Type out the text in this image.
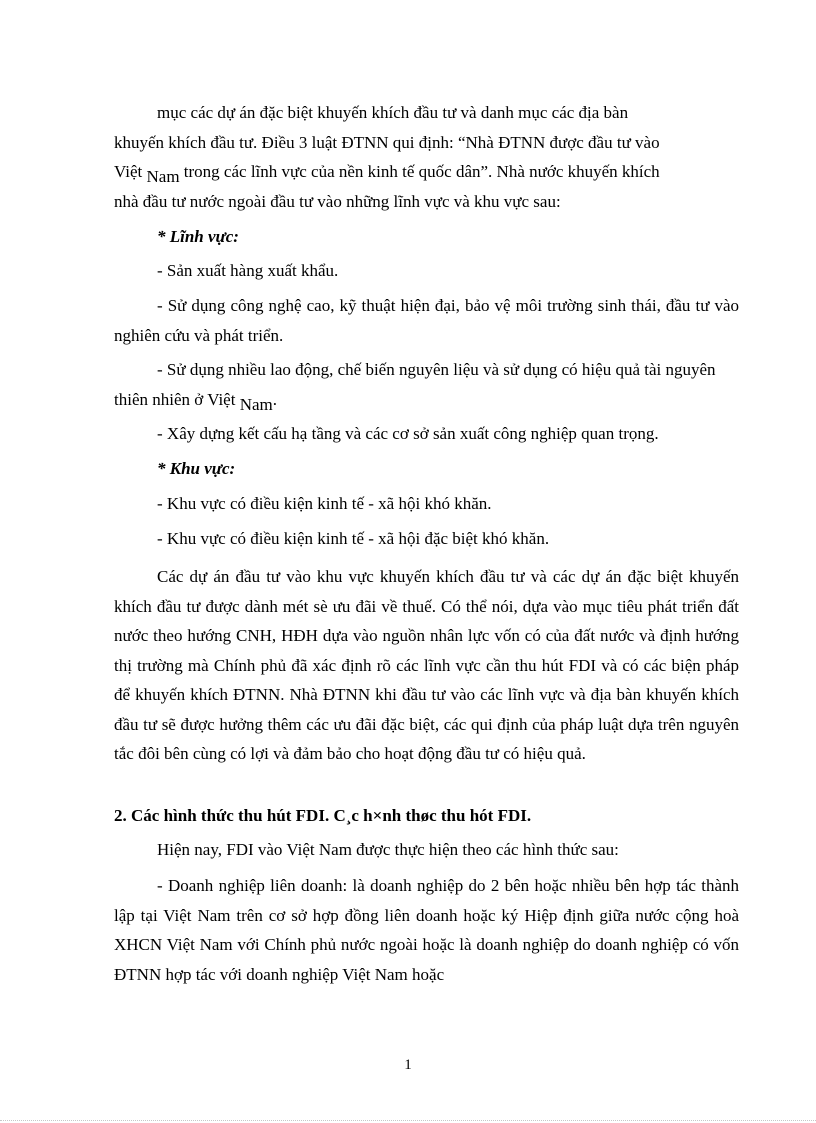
mục các dự án đặc biệt khuyến khích đầu tư và danh mục các địa bàn
khuyến khích đầu tư. Điều 3 luật ĐTNN qui định: “Nhà ĐTNN được đầu tư vào
Việt Nam trong các lĩnh vực của nền kinh tế quốc dân”. Nhà nước khuyến khích
nhà đầu tư nước ngoài đầu tư vào những lĩnh vực và khu vực sau:

* Lĩnh vực:

- Sản xuất hàng xuất khẩu.

- Sử dụng công nghệ cao, kỹ thuật hiện đại, bảo vệ môi trường sinh thái, đầu tư vào nghiên cứu và phát triển.

- Sử dụng nhiều lao động, chế biến nguyên liệu và sử dụng có hiệu quả tài nguyên thiên nhiên ở Việt Nam.

- Xây dựng kết cấu hạ tầng và các cơ sở sản xuất công nghiệp quan trọng.

* Khu vực:

- Khu vực có điều kiện kinh tế - xã hội khó khăn.

- Khu vực có điều kiện kinh tế - xã hội đặc biệt khó khăn.

Các dự án đầu tư vào khu vực khuyến khích đầu tư và các dự án đặc biệt khuyến khích đầu tư được dành mét sè ưu đãi về thuế. Có thể nói, dựa vào mục tiêu phát triển đất nước theo hướng CNH, HĐH dựa vào nguồn nhân lực vốn có của đất nước và định hướng thị trường mà Chính phủ đã xác định rõ các lĩnh vực cần thu hút FDI và có các biện pháp để khuyến khích ĐTNN. Nhà ĐTNN khi đầu tư vào các lĩnh vực và địa bàn khuyến khích đầu tư sẽ được hưởng thêm các ưu đãi đặc biệt, các qui định của pháp luật dựa trên nguyên tắc đôi bên cùng có lợi và đảm bảo cho hoạt động đầu tư có hiệu quả.

2. Các hình thức thu hút FDI. C¸c h×nh thøc thu hót FDI.

Hiện nay, FDI vào Việt Nam được thực hiện theo các hình thức sau:

- Doanh nghiệp liên doanh: là doanh nghiệp do 2 bên hoặc nhiều bên hợp tác thành lập tại Việt Nam trên cơ sở hợp đồng liên doanh hoặc ký Hiệp định giữa nước cộng hoà XHCN Việt Nam với Chính phủ nước ngoài hoặc là doanh nghiệp do doanh nghiệp có vốn ĐTNN hợp tác với doanh nghiệp Việt Nam hoặc

1
